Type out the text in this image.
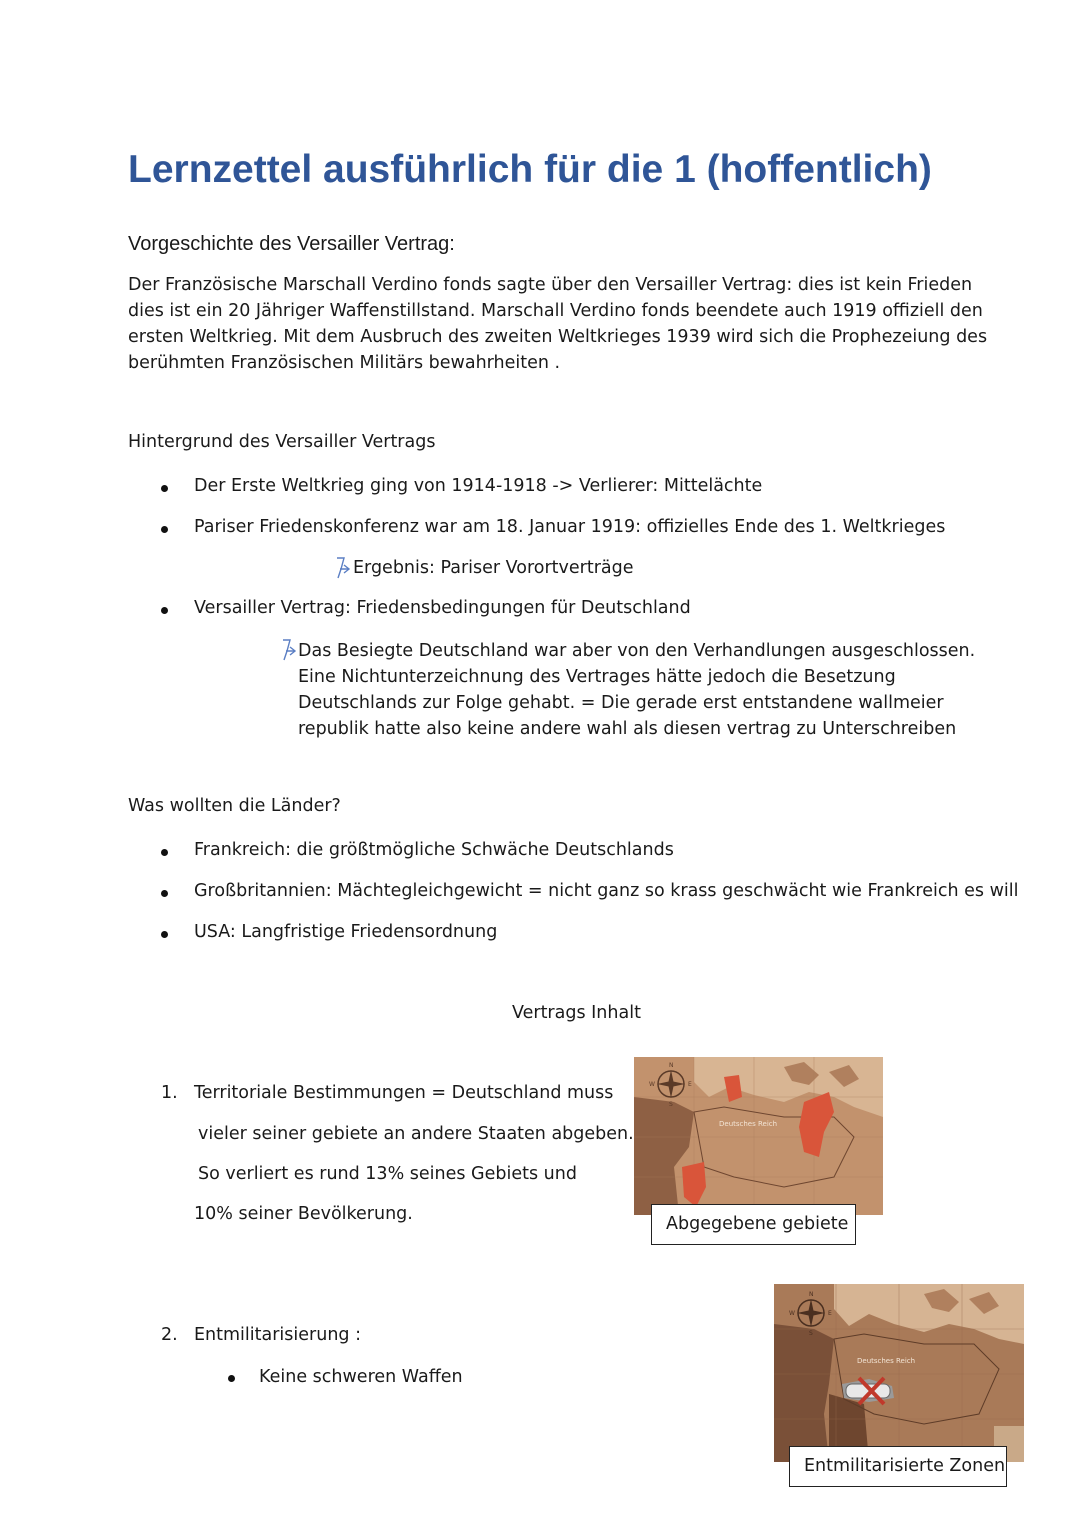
Lernzettel ausführlich für die 1 (hoffentlich)
Vorgeschichte des Versailler Vertrag:
Der Französische Marschall Verdino fonds sagte über den Versailler Vertrag: dies ist kein Frieden
dies ist ein 20 Jähriger Waffenstillstand. Marschall Verdino fonds beendete auch 1919 offiziell den
ersten Weltkrieg. Mit dem Ausbruch des zweiten Weltkrieges 1939 wird sich die Prophezeiung des
berühmten Französischen Militärs bewahrheiten .
Hintergrund des Versailler Vertrags
Der Erste Weltkrieg ging von 1914-1918 -> Verlierer: Mittelächte
Pariser Friedenskonferenz war am 18. Januar 1919: offizielles Ende des 1. Weltkrieges
Ergebnis: Pariser Vorortverträge
Versailler Vertrag: Friedensbedingungen für Deutschland
Das Besiegte Deutschland war aber von den Verhandlungen ausgeschlossen.
Eine Nichtunterzeichnung des Vertrages hätte jedoch die Besetzung
Deutschlands zur Folge gehabt. = Die gerade erst entstandene wallmeier
republik hatte also keine andere wahl als diesen vertrag zu Unterschreiben
Was wollten die Länder?
Frankreich: die größtmögliche Schwäche Deutschlands
Großbritannien: Mächtegleichgewicht = nicht ganz so krass geschwächt wie Frankreich es will
USA: Langfristige Friedensordnung
Vertrags Inhalt
1. Territoriale Bestimmungen = Deutschland muss
vieler seiner gebiete an andere Staaten abgeben.
So verliert es rund 13% seines Gebiets und
10% seiner Bevölkerung.
Deutsches Reich
N
S
W	E
Abgegebene gebiete
2. Entmilitarisierung :
Keine schweren Waffen
Deutsches Reich
N
S
W	E
Entmilitarisierte Zonen
